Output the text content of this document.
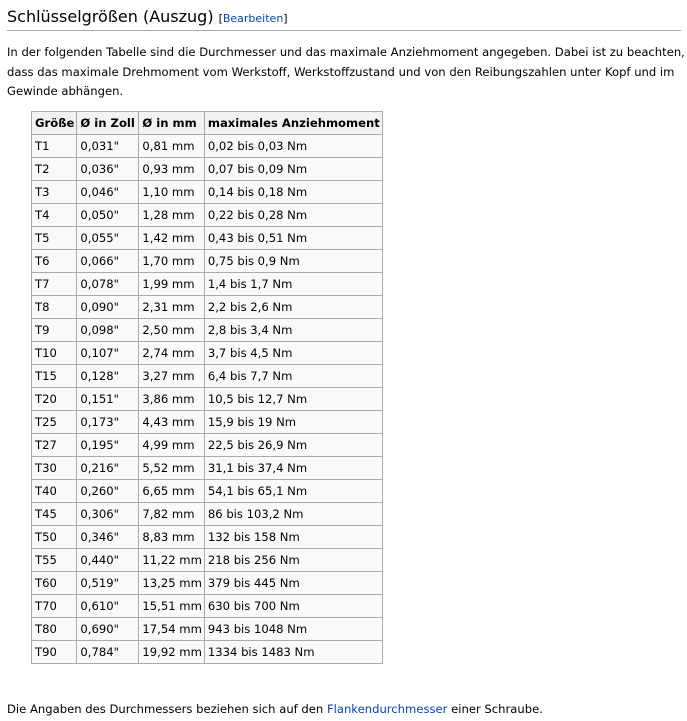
Schlüsselgrößen (Auszug) [Bearbeiten]

In der folgenden Tabelle sind die Durchmesser und das maximale Anziehmoment angegeben. Dabei ist zu beachten,
dass das maximale Drehmoment vom Werkstoff, Werkstoffzustand und von den Reibungszahlen unter Kopf und im
Gewinde abhängen.

Größe	Ø in Zoll	Ø in mm	maximales Anziehmoment
T1	0,031"	0,81 mm	0,02 bis 0,03 Nm
T2	0,036"	0,93 mm	0,07 bis 0,09 Nm
T3	0,046"	1,10 mm	0,14 bis 0,18 Nm
T4	0,050"	1,28 mm	0,22 bis 0,28 Nm
T5	0,055"	1,42 mm	0,43 bis 0,51 Nm
T6	0,066"	1,70 mm	0,75 bis 0,9 Nm
T7	0,078"	1,99 mm	1,4 bis 1,7 Nm
T8	0,090"	2,31 mm	2,2 bis 2,6 Nm
T9	0,098"	2,50 mm	2,8 bis 3,4 Nm
T10	0,107"	2,74 mm	3,7 bis 4,5 Nm
T15	0,128"	3,27 mm	6,4 bis 7,7 Nm
T20	0,151"	3,86 mm	10,5 bis 12,7 Nm
T25	0,173"	4,43 mm	15,9 bis 19 Nm
T27	0,195"	4,99 mm	22,5 bis 26,9 Nm
T30	0,216"	5,52 mm	31,1 bis 37,4 Nm
T40	0,260"	6,65 mm	54,1 bis 65,1 Nm
T45	0,306"	7,82 mm	86 bis 103,2 Nm
T50	0,346"	8,83 mm	132 bis 158 Nm
T55	0,440"	11,22 mm	218 bis 256 Nm
T60	0,519"	13,25 mm	379 bis 445 Nm
T70	0,610"	15,51 mm	630 bis 700 Nm
T80	0,690"	17,54 mm	943 bis 1048 Nm
T90	0,784"	19,92 mm	1334 bis 1483 Nm

Die Angaben des Durchmessers beziehen sich auf den Flankendurchmesser einer Schraube.
